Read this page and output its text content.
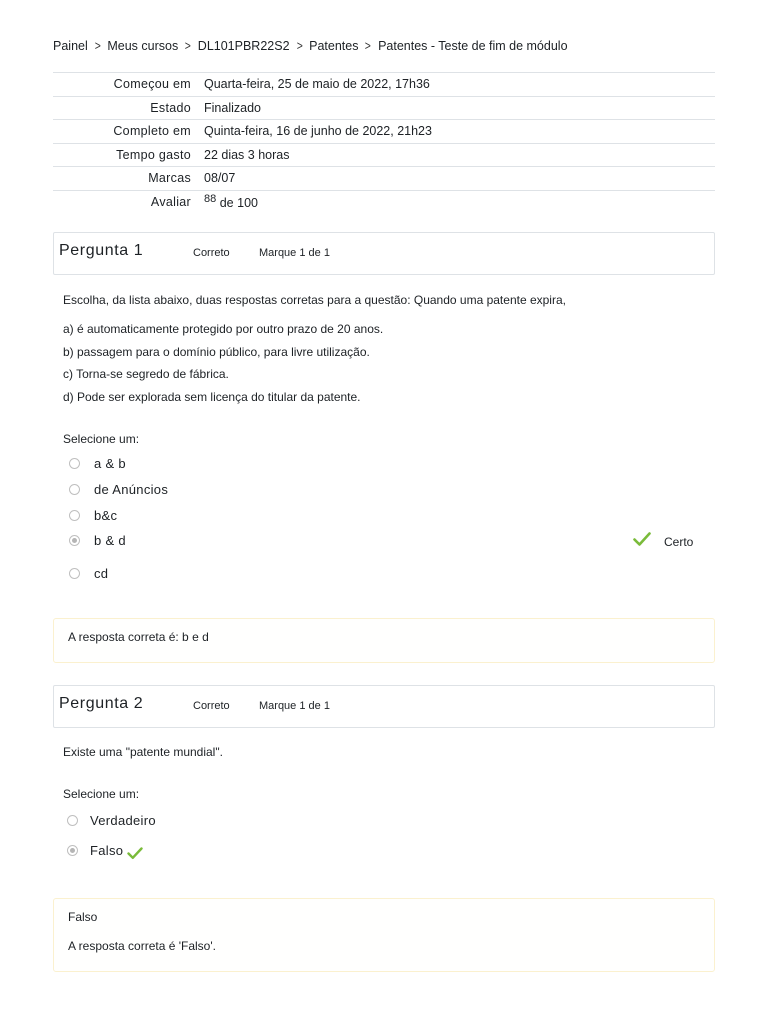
Painel > Meus cursos > DL101PBR22S2 > Patentes > Patentes - Teste de fim de módulo
Começou em	Quarta-feira, 25 de maio de 2022, 17h36
Estado	Finalizado
Completo em	Quinta-feira, 16 de junho de 2022, 21h23
Tempo gasto	22 dias 3 horas
Marcas	08/07
Avaliar	$^{88}$ de 100
Pergunta 1	Correto	Marque 1 de 1
Escolha, da lista abaixo, duas respostas corretas para a questão: Quando uma patente expira,
a) é automaticamente protegido por outro prazo de 20 anos.
b) passagem para o domínio público, para livre utilização.
c) Torna-se segredo de fábrica.
d) Pode ser explorada sem licença do titular da patente.
Selecione um:
a & b
de Anúncios
b&c
b & d
cd
Certo
A resposta correta é: b e d
Pergunta 2	Correto	Marque 1 de 1
Existe uma "patente mundial".
Selecione um:
Verdadeiro
Falso
Falso
A resposta correta é 'Falso'.
